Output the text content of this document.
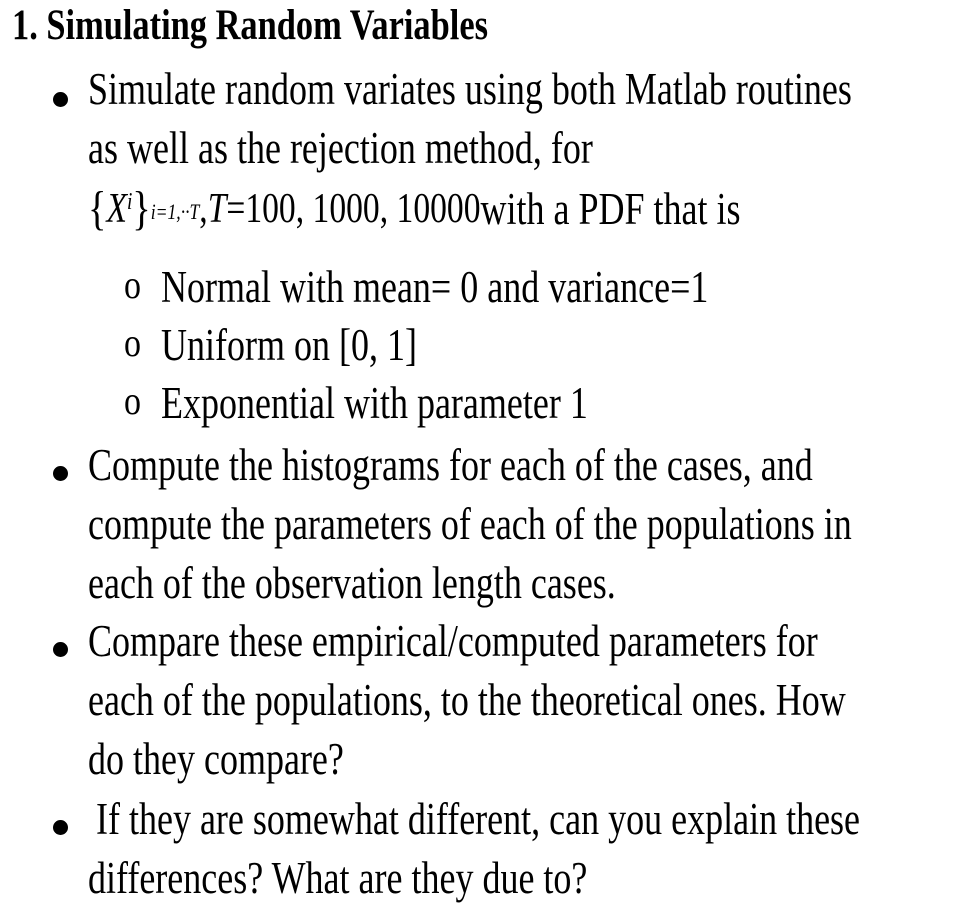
1. Simulating Random Variables
Simulate random variates using both Matlab routines
as well as the rejection method, for
{Xi}i=1,··T,T=100, 1000, 10000with a PDF that is
o Normal with mean= 0 and variance=1
o Uniform on [0, 1]
o Exponential with parameter 1
Compute the histograms for each of the cases, and
compute the parameters of each of the populations in
each of the observation length cases.
Compare these empirical/computed parameters for
each of the populations, to the theoretical ones. How
do they compare?
If they are somewhat different, can you explain these
differences? What are they due to?
